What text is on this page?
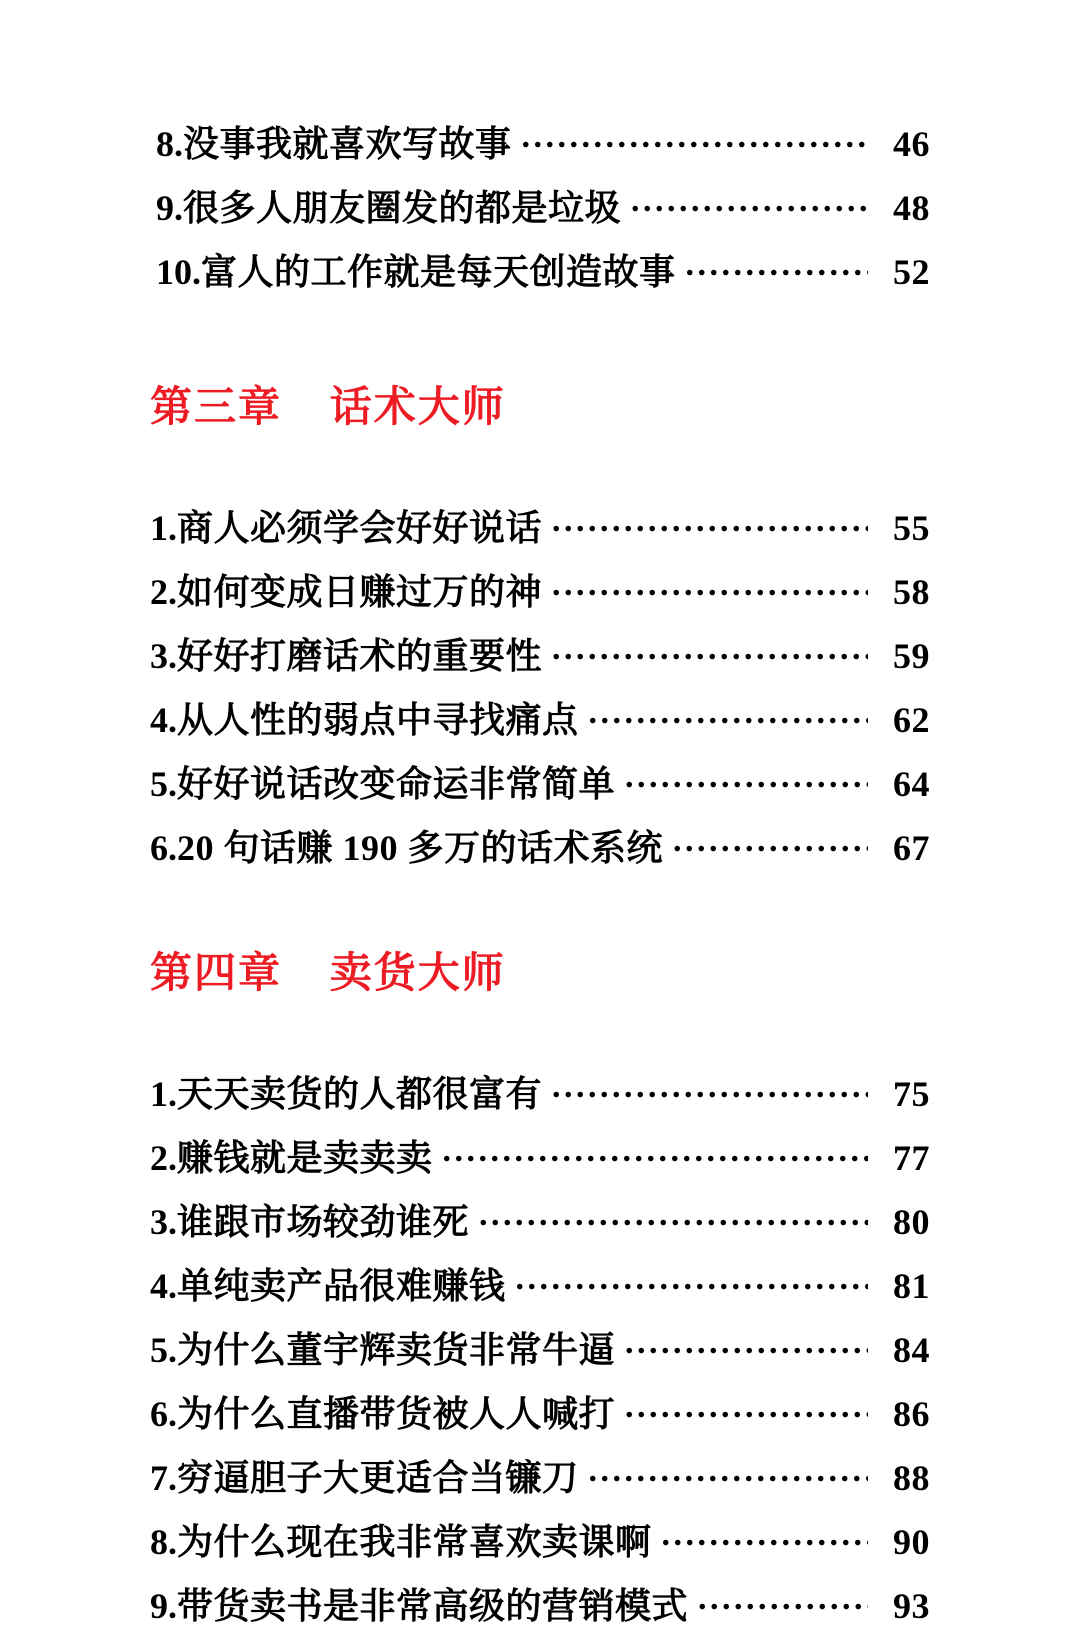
8. 没事我就喜欢写故事 .....	46
9. 很多人朋友圈发的都是垃圾 .....	48
10. 富人的工作就是每天创造故事 .....	52
第三章 话术大师
1. 商人必须学会好好说话 .....	55
2. 如何变成日赚过万的神 .....	58
3. 好好打磨话术的重要性 .....	59
4. 从人性的弱点中寻找痛点 .....	62
5. 好好说话改变命运非常简单 .....	64
6. 20 句话赚 190 多万的话术系统 .....	67
第四章 卖货大师
1. 天天卖货的人都很富有 .....	75
2. 赚钱就是卖卖卖 .....	77
3. 谁跟市场较劲谁死 .....	80
4. 单纯卖产品很难赚钱 .....	81
5. 为什么董宇辉卖货非常牛逼 .....	84
6. 为什么直播带货被人人喊打 .....	86
7. 穷逼胆子大更适合当镰刀 .....	88
8. 为什么现在我非常喜欢卖课啊 .....	90
9. 带货卖书是非常高级的营销模式 .....	93
